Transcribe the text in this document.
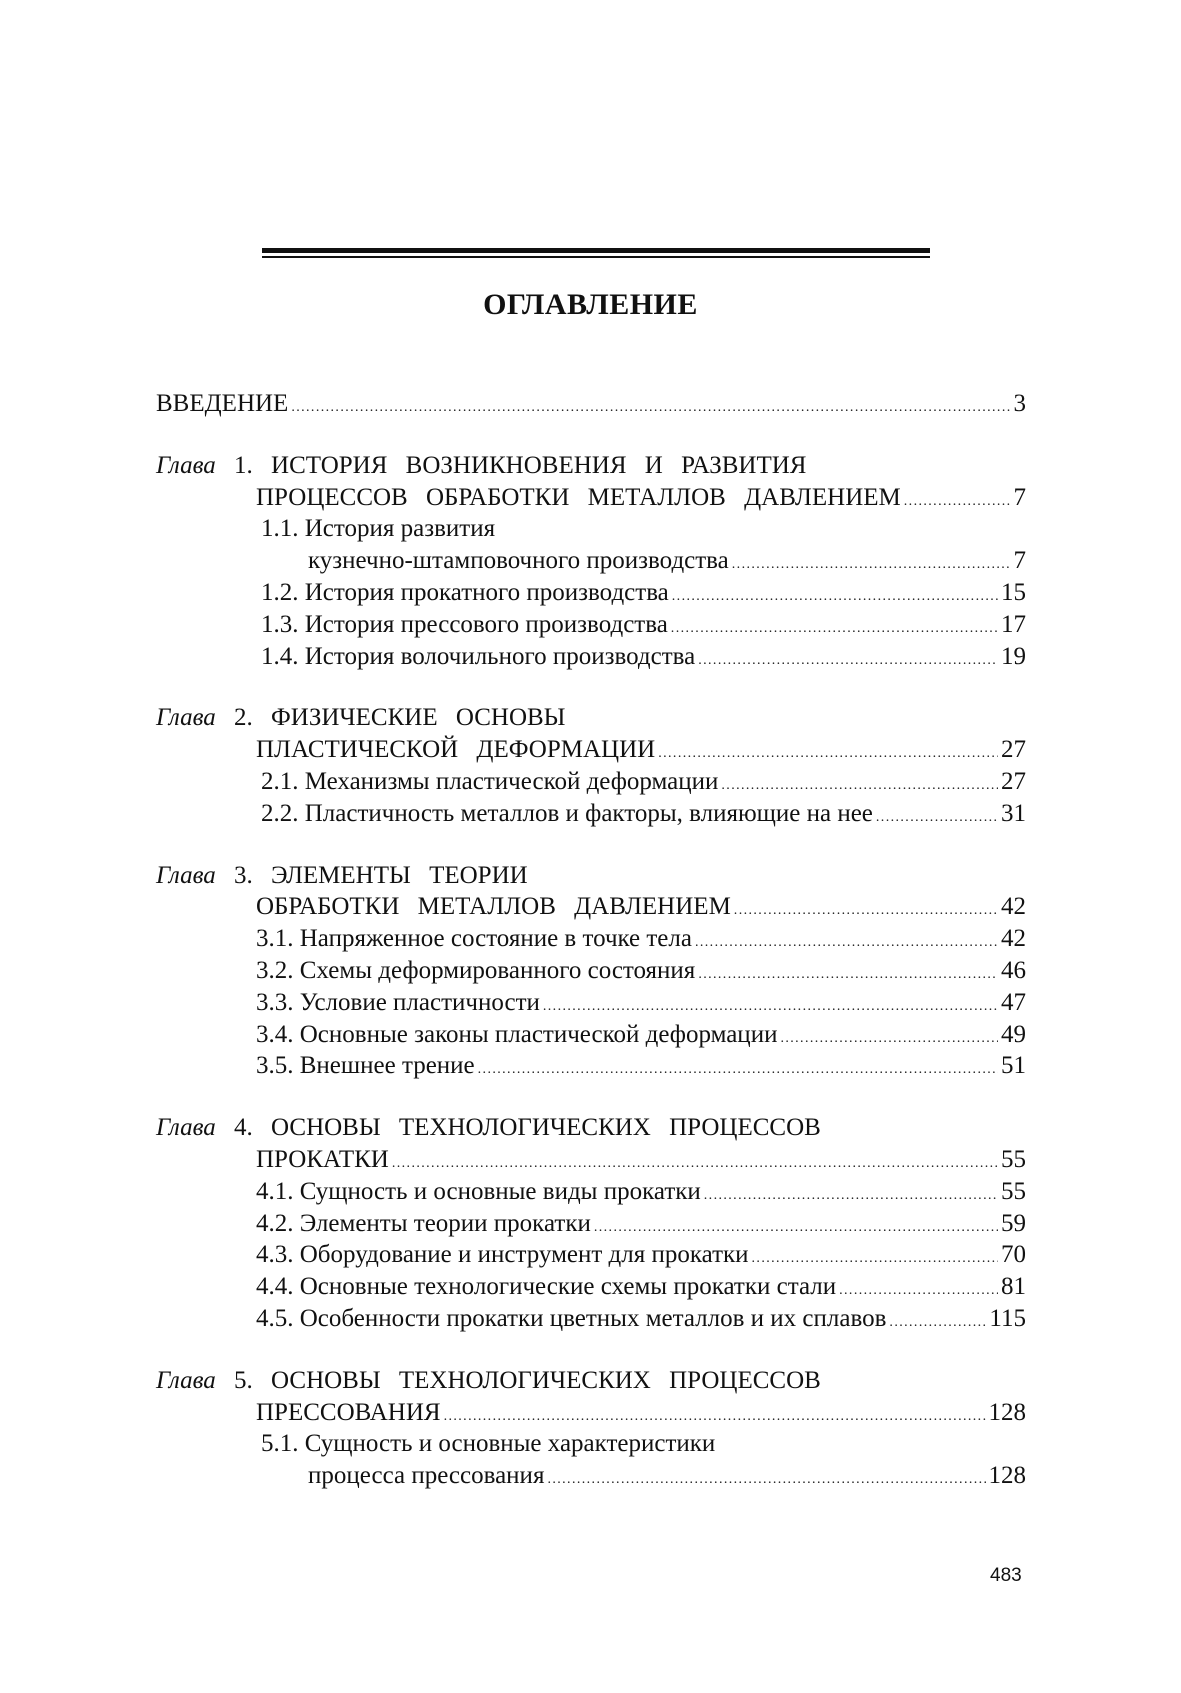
ОГЛАВЛЕНИЕ
ВВЕДЕНИЕ .....	3
Глава 1. ИСТОРИЯ ВОЗНИКНОВЕНИЯ И РАЗВИТИЯ
ПРОЦЕССОВ ОБРАБОТКИ МЕТАЛЛОВ ДАВЛЕНИЕМ .....	7
1.1. История развития
кузнечно-штамповочного производства .....	7
1.2. История прокатного производства .....	15
1.3. История прессового производства .....	17
1.4. История волочильного производства .....	19
Глава 2. ФИЗИЧЕСКИЕ ОСНОВЫ
ПЛАСТИЧЕСКОЙ ДЕФОРМАЦИИ .....	27
2.1. Механизмы пластической деформации .....	27
2.2. Пластичность металлов и факторы, влияющие на нее .....	31
Глава 3. ЭЛЕМЕНТЫ ТЕОРИИ
ОБРАБОТКИ МЕТАЛЛОВ ДАВЛЕНИЕМ .....	42
3.1. Напряженное состояние в точке тела .....	42
3.2. Схемы деформированного состояния .....	46
3.3. Условие пластичности .....	47
3.4. Основные законы пластической деформации .....	49
3.5. Внешнее трение .....	51
Глава 4. ОСНОВЫ ТЕХНОЛОГИЧЕСКИХ ПРОЦЕССОВ
ПРОКАТКИ .....	55
4.1. Сущность и основные виды прокатки .....	55
4.2. Элементы теории прокатки .....	59
4.3. Оборудование и инструмент для прокатки .....	70
4.4. Основные технологические схемы прокатки стали .....	81
4.5. Особенности прокатки цветных металлов и их сплавов .....	115
Глава 5. ОСНОВЫ ТЕХНОЛОГИЧЕСКИХ ПРОЦЕССОВ
ПРЕССОВАНИЯ .....	128
5.1. Сущность и основные характеристики
процесса прессования .....	128
483
